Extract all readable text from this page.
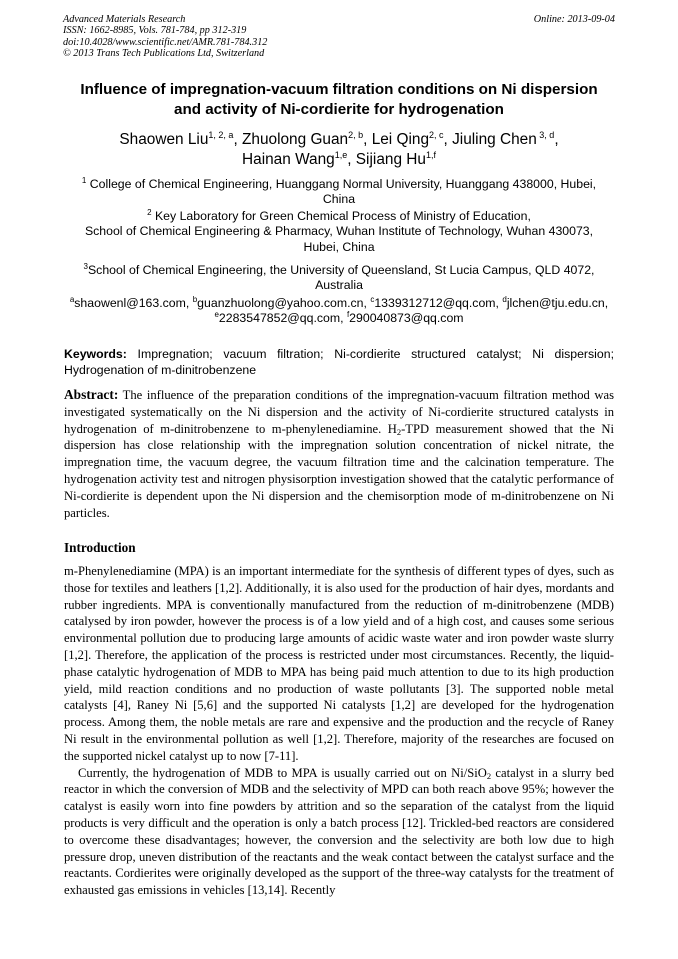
Advanced Materials Research
ISSN: 1662-8985, Vols. 781-784, pp 312-319
doi:10.4028/www.scientific.net/AMR.781-784.312
© 2013 Trans Tech Publications Ltd, Switzerland
Online: 2013-09-04
Influence of impregnation-vacuum filtration conditions on Ni dispersion
and activity of Ni-cordierite for hydrogenation
Shaowen Liu$^{1, 2, a}$, Zhuolong Guan$^{2, b}$, Lei Qing$^{2, c}$, Jiuling Chen $^{3, d}$,
Hainan Wang$^{1,e}$, Sijiang Hu$^{1,f}$
$^1$ College of Chemical Engineering, Huanggang Normal University, Huanggang 438000, Hubei,
China
$^2$ Key Laboratory for Green Chemical Process of Ministry of Education,
School of Chemical Engineering & Pharmacy, Wuhan Institute of Technology, Wuhan 430073,
Hubei, China
$^3$School of Chemical Engineering, the University of Queensland, St Lucia Campus, QLD 4072,
Australia
$^a$shaowenl@163.com, $^b$guanzhuolong@yahoo.com.cn, $^c$1339312712@qq.com, $^d$jlchen@tju.edu.cn,
$^e$2283547852@qq.com, $^f$290040873@qq.com
Keywords: Impregnation; vacuum filtration; Ni-cordierite structured catalyst; Ni dispersion; Hydrogenation of m-dinitrobenzene
Abstract: The influence of the preparation conditions of the impregnation-vacuum filtration method was investigated systematically on the Ni dispersion and the activity of Ni-cordierite structured catalysts in hydrogenation of m-dinitrobenzene to m-phenylenediamine. $H_2$-TPD measurement showed that the Ni dispersion has close relationship with the impregnation solution concentration of nickel nitrate, the impregnation time, the vacuum degree, the vacuum filtration time and the calcination temperature. The hydrogenation activity test and nitrogen physisorption investigation showed that the catalytic performance of Ni-cordierite is dependent upon the Ni dispersion and the chemisorption mode of m-dinitrobenzene on Ni particles.
Introduction

m-Phenylenediamine (MPA) is an important intermediate for the synthesis of different types of dyes, such as those for textiles and leathers [1,2]. Additionally, it is also used for the production of hair dyes, mordants and rubber ingredients. MPA is conventionally manufactured from the reduction of m-dinitrobenzene (MDB) catalysed by iron powder, however the process is of a low yield and of a high cost, and causes some serious environmental pollution due to producing large amounts of acidic waste water and iron powder waste slurry [1,2]. Therefore, the application of the process is restricted under most circumstances. Recently, the liquid-phase catalytic hydrogenation of MDB to MPA has being paid much attention to due to its high production yield, mild reaction conditions and no production of waste pollutants [3]. The supported noble metal catalysts [4], Raney Ni [5,6] and the supported Ni catalysts [1,2] are developed for the hydrogenation process. Among them, the noble metals are rare and expensive and the production and the recycle of Raney Ni result in the environmental pollution as well [1,2]. Therefore, majority of the researches are focused on the supported nickel catalyst up to now [7-11].

Currently, the hydrogenation of MDB to MPA is usually carried out on Ni/SiO$_2$ catalyst in a slurry bed reactor in which the conversion of MDB and the selectivity of MPD can both reach above 95%; however the catalyst is easily worn into fine powders by attrition and so the separation of the catalyst from the liquid products is very difficult and the operation is only a batch process [12]. Trickled-bed reactors are considered to overcome these disadvantages; however, the conversion and the selectivity are both low due to high pressure drop, uneven distribution of the reactants and the weak contact between the catalyst surface and the reactants. Cordierites were originally developed as the support of the three-way catalysts for the treatment of exhausted gas emissions in vehicles [13,14]. Recently
